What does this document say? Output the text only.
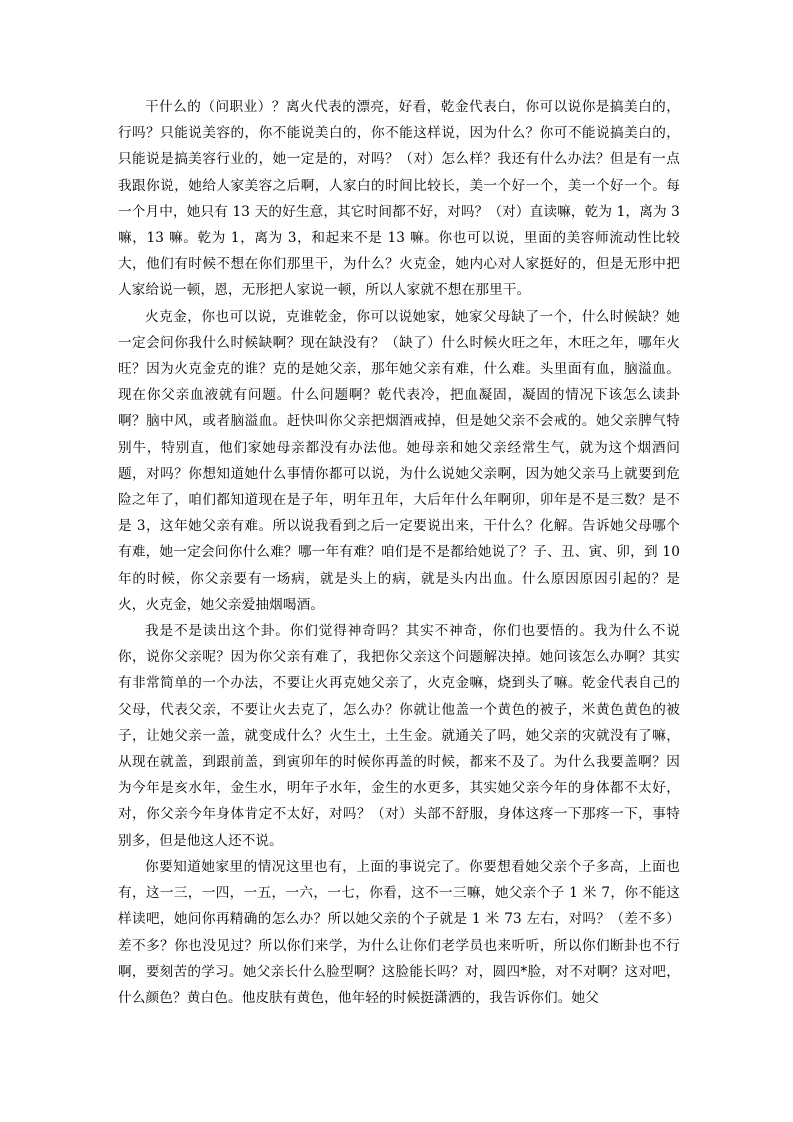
干什么的（问职业）？离火代表的漂亮，好看，乾金代表白，你可以说你是搞美白的，行吗？只能说美容的，你不能说美白的，你不能这样说，因为什么？你可不能说搞美白的，只能说是搞美容行业的，她一定是的，对吗？（对）怎么样？我还有什么办法？但是有一点我跟你说，她给人家美容之后啊，人家白的时间比较长，美一个好一个，美一个好一个。每一个月中，她只有 13 天的好生意，其它时间都不好，对吗？（对）直读嘛，乾为 1，离为 3 嘛，13 嘛。乾为 1，离为 3，和起来不是 13 嘛。你也可以说，里面的美容师流动性比较大，他们有时候不想在你们那里干，为什么？火克金，她内心对人家挺好的，但是无形中把人家给说一顿，恩，无形把人家说一顿，所以人家就不想在那里干。

火克金，你也可以说，克谁乾金，你可以说她家，她家父母缺了一个，什么时候缺？她一定会问你我什么时候缺啊？现在缺没有？（缺了）什么时候火旺之年，木旺之年，哪年火旺？因为火克金克的谁？克的是她父亲，那年她父亲有难，什么难。头里面有血，脑溢血。现在你父亲血液就有问题。什么问题啊？乾代表冷，把血凝固，凝固的情况下该怎么读卦啊？脑中风，或者脑溢血。赶快叫你父亲把烟酒戒掉，但是她父亲不会戒的。她父亲脾气特别牛，特别直，他们家她母亲都没有办法他。她母亲和她父亲经常生气，就为这个烟酒问题，对吗？你想知道她什么事情你都可以说，为什么说她父亲啊，因为她父亲马上就要到危险之年了，咱们都知道现在是子年，明年丑年，大后年什么年啊卯，卯年是不是三数？是不是 3，这年她父亲有难。所以说我看到之后一定要说出来，干什么？化解。告诉她父母哪个有难，她一定会问你什么难？哪一年有难？咱们是不是都给她说了？子、丑、寅、卯，到 10 年的时候，你父亲要有一场病，就是头上的病，就是头内出血。什么原因原因引起的？是火，火克金，她父亲爱抽烟喝酒。

我是不是读出这个卦。你们觉得神奇吗？其实不神奇，你们也要悟的。我为什么不说你，说你父亲呢？因为你父亲有难了，我把你父亲这个问题解决掉。她问该怎么办啊？其实有非常简单的一个办法，不要让火再克她父亲了，火克金嘛，烧到头了嘛。乾金代表自己的父母，代表父亲，不要让火去克了，怎么办？你就让他盖一个黄色的被子，米黄色黄色的被子，让她父亲一盖，就变成什么？火生土，土生金。就通关了吗，她父亲的灾就没有了嘛，从现在就盖，到跟前盖，到寅卯年的时候你再盖的时候，都来不及了。为什么我要盖啊？因为今年是亥水年，金生水，明年子水年，金生的水更多，其实她父亲今年的身体都不太好，对，你父亲今年身体肯定不太好，对吗？（对）头部不舒服，身体这疼一下那疼一下，事特别多，但是他这人还不说。

你要知道她家里的情况这里也有，上面的事说完了。你要想看她父亲个子多高，上面也有，这一三，一四，一五，一六，一七，你看，这不一三嘛，她父亲个子 1 米 7，你不能这样读吧，她问你再精确的怎么办？所以她父亲的个子就是 1 米 73 左右，对吗？（差不多）差不多？你也没见过？所以你们来学，为什么让你们老学员也来听听，所以你们断卦也不行啊，要刻苦的学习。她父亲长什么脸型啊？这脸能长吗？对，圆四*脸，对不对啊？这对吧，什么颜色？黄白色。他皮肤有黄色，他年轻的时候挺潇洒的，我告诉你们。她父
